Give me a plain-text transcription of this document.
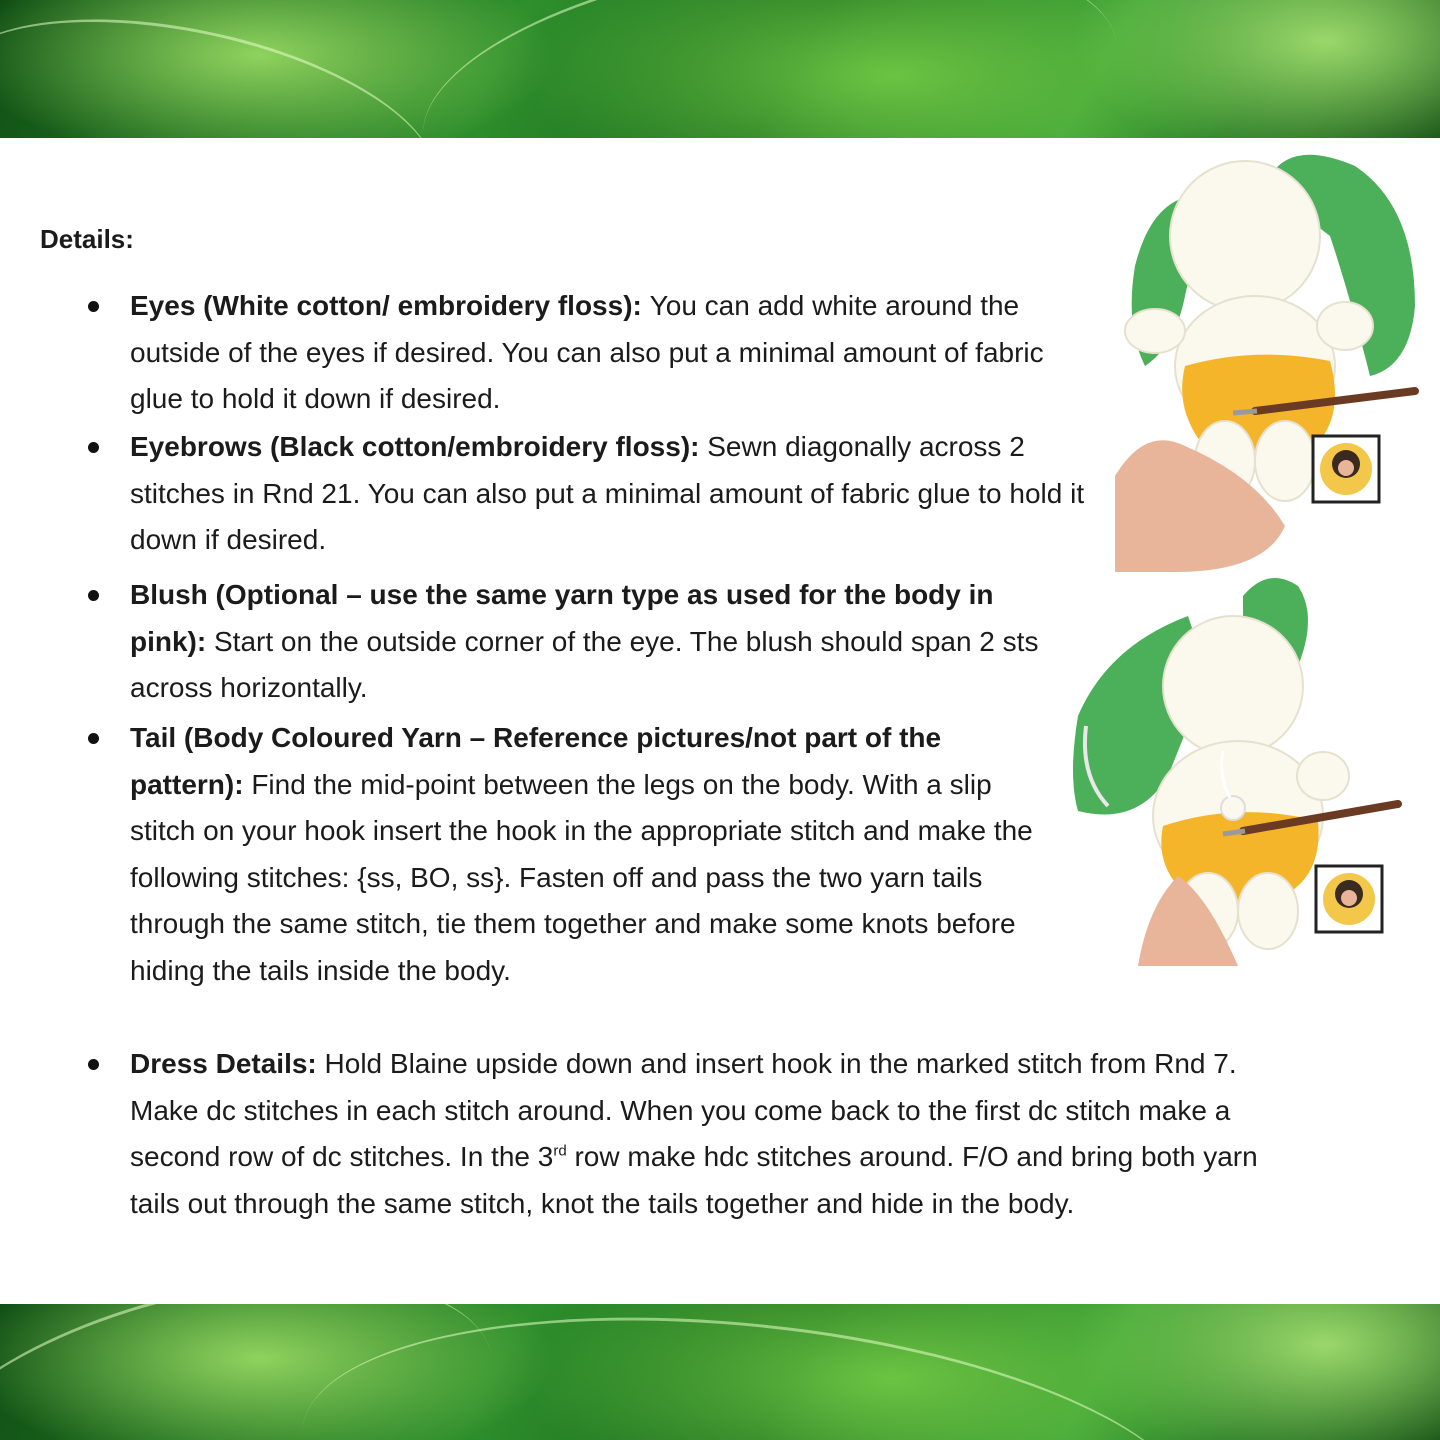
Details:
Eyes (White cotton/ embroidery floss): You can add white around the outside of the eyes if desired. You can also put a minimal amount of fabric glue to hold it down if desired.
Eyebrows (Black cotton/embroidery floss): Sewn diagonally across 2 stitches in Rnd 21. You can also put a minimal amount of fabric glue to hold it down if desired.
Blush (Optional – use the same yarn type as used for the body in pink): Start on the outside corner of the eye. The blush should span 2 sts across horizontally.
Tail (Body Coloured Yarn – Reference pictures/not part of the pattern): Find the mid-point between the legs on the body. With a slip stitch on your hook insert the hook in the appropriate stitch and make the following stitches: {ss, BO, ss}. Fasten off and pass the two yarn tails through the same stitch, tie them together and make some knots before hiding the tails inside the body.
Dress Details: Hold Blaine upside down and insert hook in the marked stitch from Rnd 7. Make dc stitches in each stitch around. When you come back to the first dc stitch make a second row of dc stitches. In the 3rd row make hdc stitches around. F/O and bring both yarn tails out through the same stitch, knot the tails together and hide in the body.
